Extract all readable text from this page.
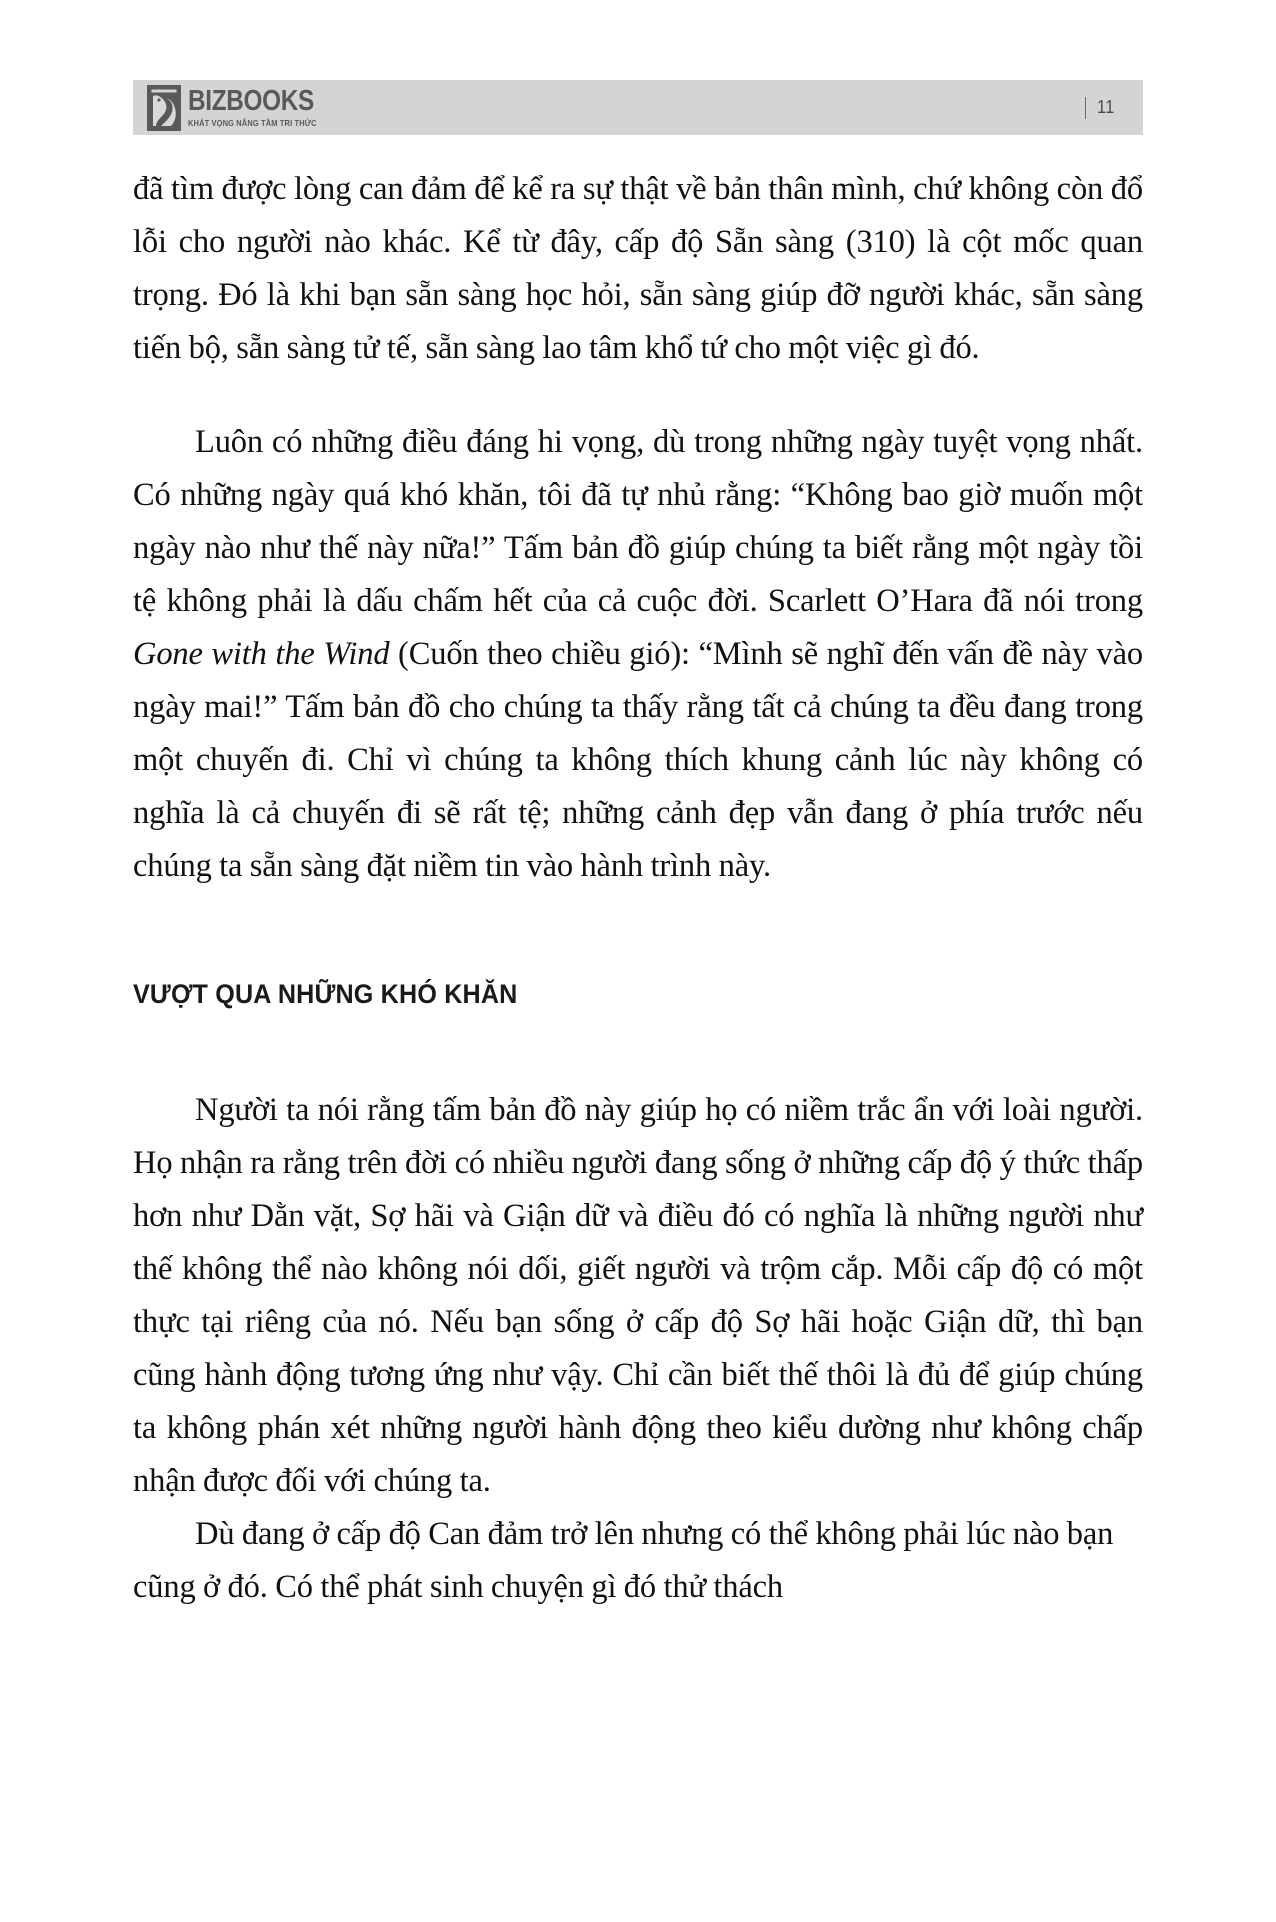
BIZBOOKS
KHÁT VỌNG NÂNG TẦM TRI THỨC
11

đã tìm được lòng can đảm để kể ra sự thật về bản thân mình, chứ không còn đổ lỗi cho người nào khác. Kể từ đây, cấp độ Sẵn sàng (310) là cột mốc quan trọng. Đó là khi bạn sẵn sàng học hỏi, sẵn sàng giúp đỡ người khác, sẵn sàng tiến bộ, sẵn sàng tử tế, sẵn sàng lao tâm khổ tứ cho một việc gì đó.

Luôn có những điều đáng hi vọng, dù trong những ngày tuyệt vọng nhất. Có những ngày quá khó khăn, tôi đã tự nhủ rằng: “Không bao giờ muốn một ngày nào như thế này nữa!” Tấm bản đồ giúp chúng ta biết rằng một ngày tồi tệ không phải là dấu chấm hết của cả cuộc đời. Scarlett O’Hara đã nói trong Gone with the Wind (Cuốn theo chiều gió): “Mình sẽ nghĩ đến vấn đề này vào ngày mai!” Tấm bản đồ cho chúng ta thấy rằng tất cả chúng ta đều đang trong một chuyến đi. Chỉ vì chúng ta không thích khung cảnh lúc này không có nghĩa là cả chuyến đi sẽ rất tệ; những cảnh đẹp vẫn đang ở phía trước nếu chúng ta sẵn sàng đặt niềm tin vào hành trình này.

VƯỢT QUA NHỮNG KHÓ KHĂN

Người ta nói rằng tấm bản đồ này giúp họ có niềm trắc ẩn với loài người. Họ nhận ra rằng trên đời có nhiều người đang sống ở những cấp độ ý thức thấp hơn như Dằn vặt, Sợ hãi và Giận dữ và điều đó có nghĩa là những người như thế không thể nào không nói dối, giết người và trộm cắp. Mỗi cấp độ có một thực tại riêng của nó. Nếu bạn sống ở cấp độ Sợ hãi hoặc Giận dữ, thì bạn cũng hành động tương ứng như vậy. Chỉ cần biết thế thôi là đủ để giúp chúng ta không phán xét những người hành động theo kiểu dường như không chấp nhận được đối với chúng ta.

Dù đang ở cấp độ Can đảm trở lên nhưng có thể không phải lúc nào bạn cũng ở đó. Có thể phát sinh chuyện gì đó thử thách
